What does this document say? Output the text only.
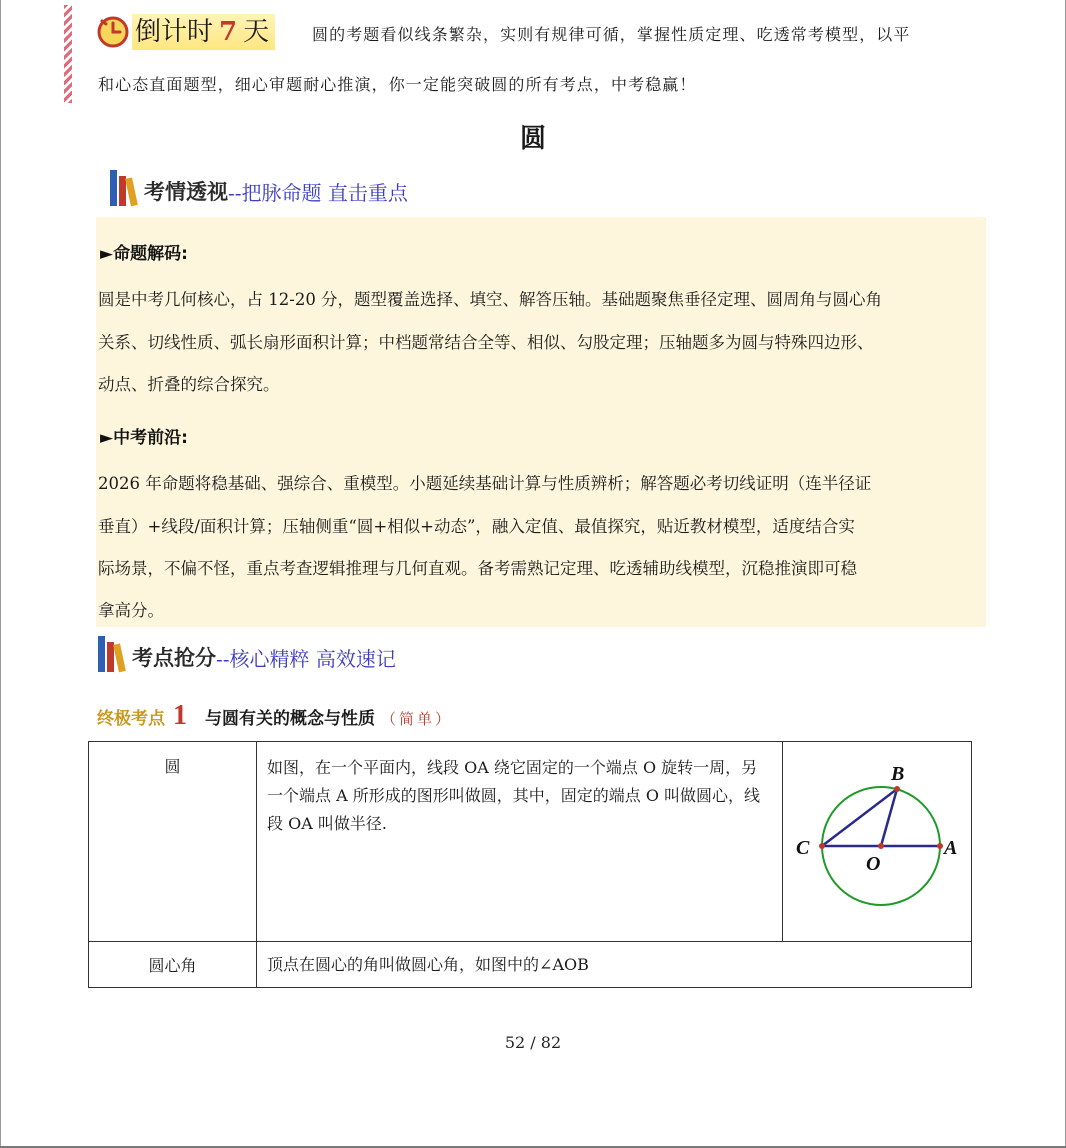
倒计时 7 天	圆的考题看似线条繁杂，实则有规律可循，掌握性质定理、吃透常考模型，以平
和心态直面题型，细心审题耐心推演，你一定能突破圆的所有考点，中考稳赢！
圆
考情透视 --把脉命题 直击重点
►命题解码:
圆是中考几何核心，占 12-20 分，题型覆盖选择、填空、解答压轴。基础题聚焦垂径定理、圆周角与圆心角
关系、切线性质、弧长扇形面积计算；中档题常结合全等、相似、勾股定理；压轴题多为圆与特殊四边形、
动点、折叠的综合探究。
►中考前沿:
2026 年命题将稳基础、强综合、重模型。小题延续基础计算与性质辨析；解答题必考切线证明（连半径证
垂直）+线段/面积计算；压轴侧重“圆+相似+动态”，融入定值、最值探究，贴近教材模型，适度结合实
际场景，不偏不怪，重点考查逻辑推理与几何直观。备考需熟记定理、吃透辅助线模型，沉稳推演即可稳
拿高分。
考点抢分 --核心精粹 高效速记
终极考点 1 与圆有关的概念与性质 （简单）
圆	如图，在一个平面内，线段 OA 绕它固定的一个端点 O 旋转一周，另一个端点 A 所形成的图形叫做圆，其中，固定的端点 O 叫做圆心，线段 OA 叫做半径.	B
C
O
A

圆心角	顶点在圆心的角叫做圆心角，如图中的∠AOB	
52 / 82
